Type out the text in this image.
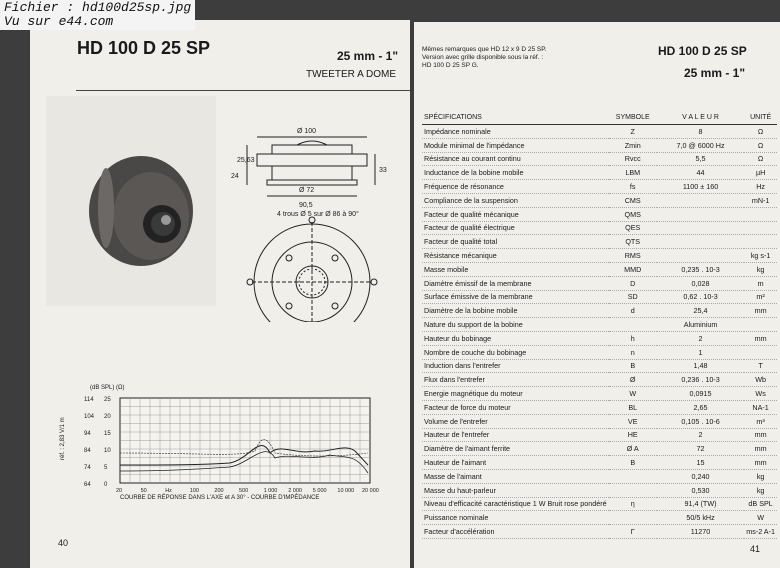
Fichier : hd100d25sp.jpg
Vu sur e44.com
HD 100 D 25 SP	25 mm - 1"
TWEETER A DOME
Ø 100
24
25,63
Ø 72
90,5
4 trous Ø 5 sur Ø 86 à 90°
33
(dB SPL) (Ω)
réf. : 2,83 V/1 m
114
104
94
84
74
64
25
20
15
10
5
0
20	50	Hz	100	200	500	1 000 2 000 5 000 10 000 20 000
COURBE DE RÉPONSE DANS L'AXE et A 30° - COURBE D'IMPÉDANCE
40
Mêmes remarques que HD 12 x 9 D 25 SP.
Version avec grille disponible sous la réf. :
HD 100 D 25 SP G.
HD 100 D 25 SP
25 mm - 1"
SPÉCIFICATIONS	SYMBOLE	V A L E U R	UNITÉ
Impédance nominale	Z	8	Ω
Module minimal de l'impédance	Zmin	7,0 @ 6000 Hz	Ω
Résistance au courant continu	Rvcc	5,5	Ω
Inductance de la bobine mobile	LBM	44	µH
Fréquence de résonance	fs	1100 ± 160	Hz
Compliance de la suspension	CMS		mN-1
Facteur de qualité mécanique	QMS		
Facteur de qualité électrique	QES		
Facteur de qualité total	QTS		
Résistance mécanique	RMS		kg s-1
Masse mobile	MMD	0,235 . 10-3	kg
Diamètre émissif de la membrane	D	0,028	m
Surface émissive de la membrane	SD	0,62 . 10-3	m²
Diamètre de la bobine mobile	d	25,4	mm
Nature du support de la bobine		Aluminium	
Hauteur du bobinage	h	2	mm
Nombre de couche du bobinage	n	1	
Induction dans l'entrefer	B	1,48	T
Flux dans l'entrefer	Ø	0,236 . 10-3	Wb
Energie magnétique du moteur	W	0,0915	Ws
Facteur de force du moteur	BL	2,65	NA-1
Volume de l'entrefer	VE	0,105 . 10-6	m³
Hauteur de l'entrefer	HE	2	mm
Diamètre de l'aimant ferrite	Ø A	72	mm
Hauteur de l'aimant	B	15	mm
Masse de l'aimant		0,240	kg
Masse du haut-parleur		0,530	kg
Niveau d'efficacité caractéristique 1 W Bruit rose pondéré	η	91,4 (TW)	dB SPL
Puissance nominale		50/5 kHz	W
Facteur d'accélération	Γ	11270	ms-2 A-1
41
